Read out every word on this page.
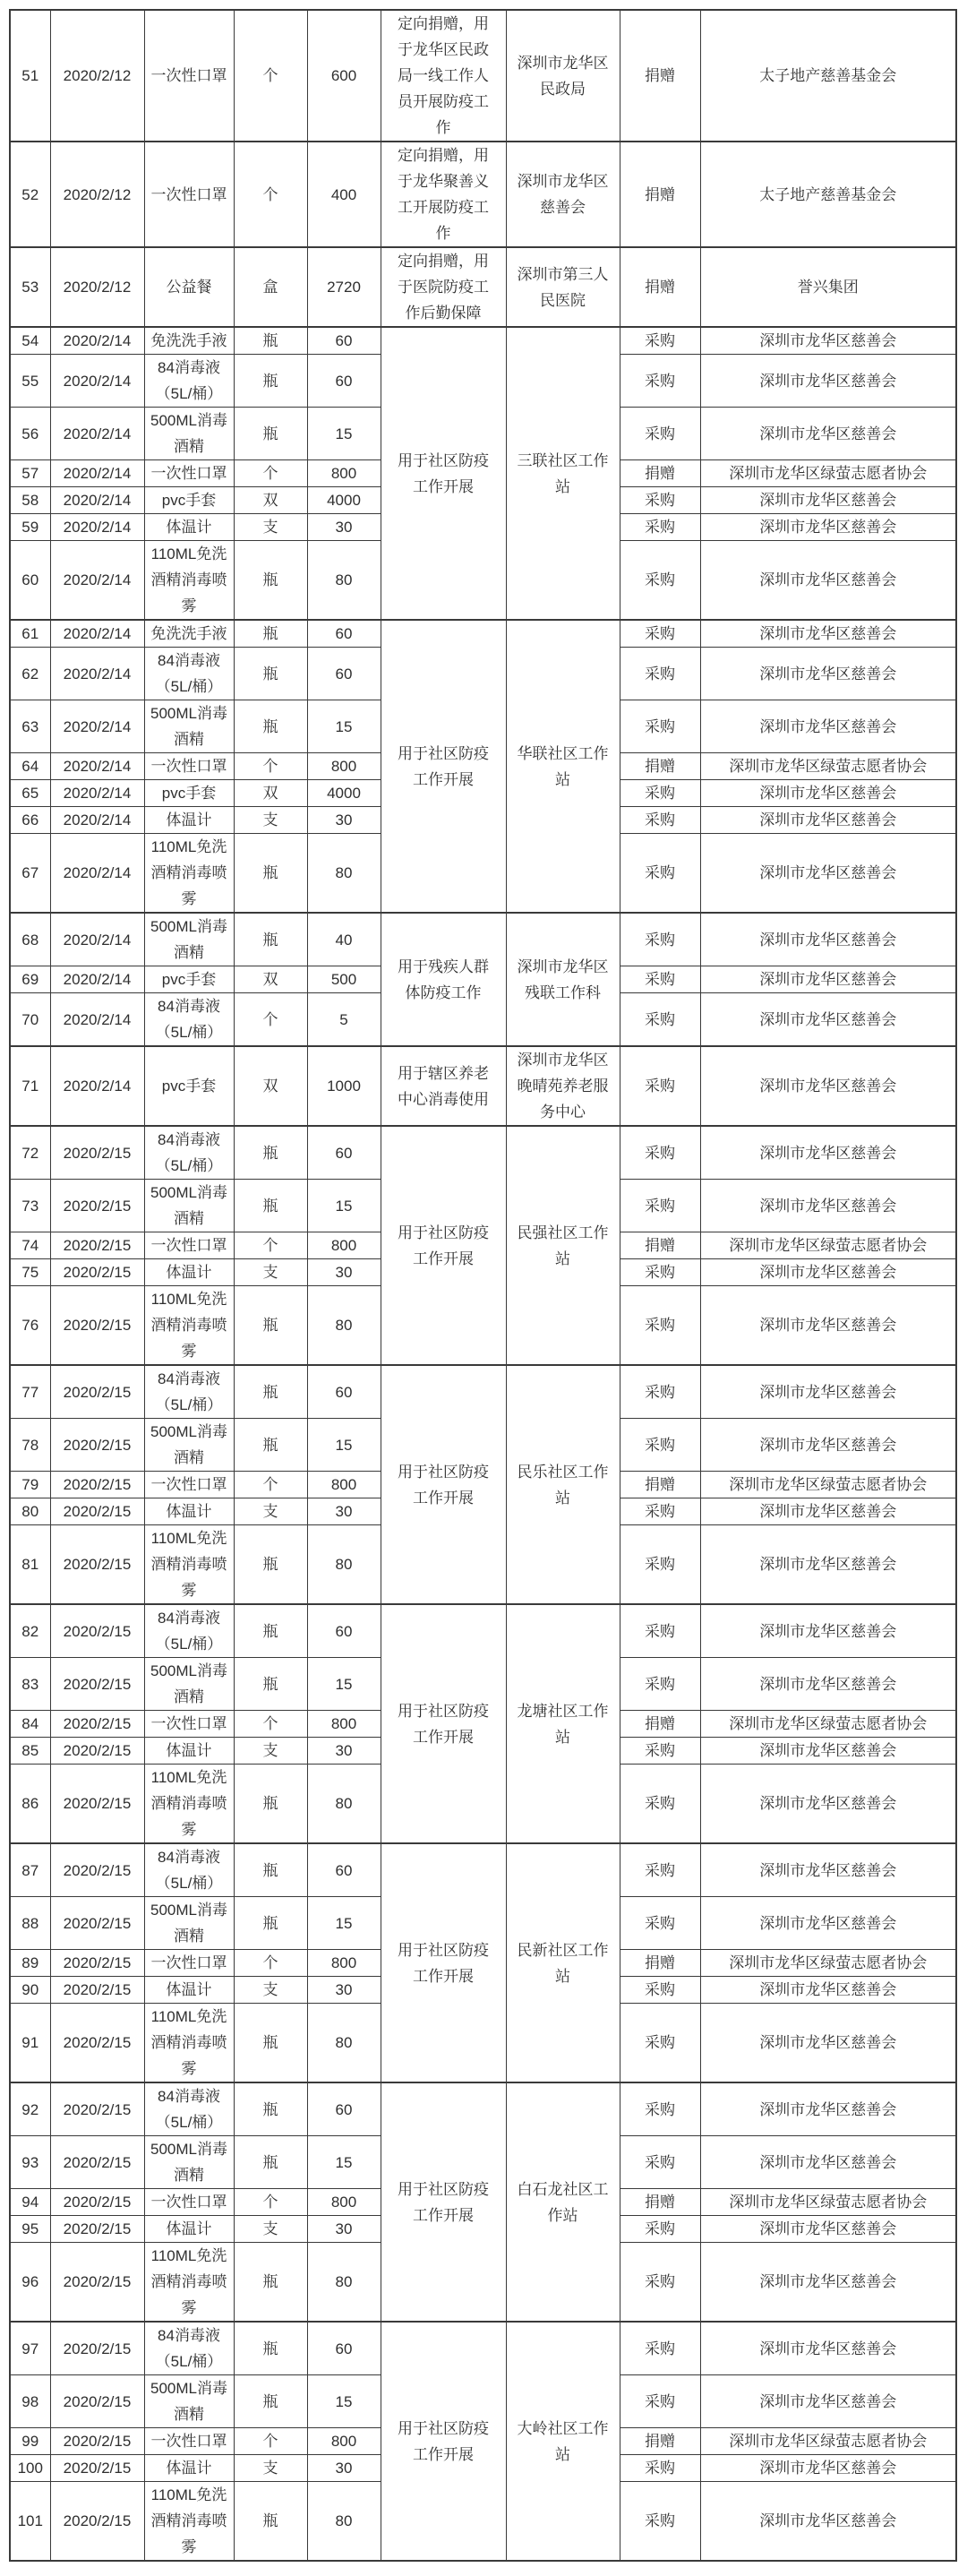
51	2020/2/12	一次性口罩	个	600	定向捐赠，用于龙华区民政局一线工作人员开展防疫工作	深圳市龙华区民政局	捐赠	太子地产慈善基金会
52	2020/2/12	一次性口罩	个	400	定向捐赠，用于龙华聚善义工开展防疫工作	深圳市龙华区慈善会	捐赠	太子地产慈善基金会
53	2020/2/12	公益餐	盒	2720	定向捐赠，用于医院防疫工作后勤保障	深圳市第三人民医院	捐赠	誉兴集团
54	2020/2/14	免洗洗手液	瓶	60	用于社区防疫工作开展	三联社区工作站	采购	深圳市龙华区慈善会
55	2020/2/14	84消毒液（5L/桶）	瓶	60			采购	深圳市龙华区慈善会
56	2020/2/14	500ML消毒酒精	瓶	15			采购	深圳市龙华区慈善会
57	2020/2/14	一次性口罩	个	800			捐赠	深圳市龙华区绿萤志愿者协会
58	2020/2/14	pvc手套	双	4000			采购	深圳市龙华区慈善会
59	2020/2/14	体温计	支	30			采购	深圳市龙华区慈善会
60	2020/2/14	110ML免洗酒精消毒喷雾	瓶	80			采购	深圳市龙华区慈善会
61	2020/2/14	免洗洗手液	瓶	60	用于社区防疫工作开展	华联社区工作站	采购	深圳市龙华区慈善会
62	2020/2/14	84消毒液（5L/桶）	瓶	60			采购	深圳市龙华区慈善会
63	2020/2/14	500ML消毒酒精	瓶	15			采购	深圳市龙华区慈善会
64	2020/2/14	一次性口罩	个	800			捐赠	深圳市龙华区绿萤志愿者协会
65	2020/2/14	pvc手套	双	4000			采购	深圳市龙华区慈善会
66	2020/2/14	体温计	支	30			采购	深圳市龙华区慈善会
67	2020/2/14	110ML免洗酒精消毒喷雾	瓶	80			采购	深圳市龙华区慈善会
68	2020/2/14	500ML消毒酒精	瓶	40	用于残疾人群体防疫工作	深圳市龙华区残联工作科	采购	深圳市龙华区慈善会
69	2020/2/14	pvc手套	双	500			采购	深圳市龙华区慈善会
70	2020/2/14	84消毒液（5L/桶）	个	5			采购	深圳市龙华区慈善会
71	2020/2/14	pvc手套	双	1000	用于辖区养老中心消毒使用	深圳市龙华区晚晴苑养老服务中心	采购	深圳市龙华区慈善会
72	2020/2/15	84消毒液（5L/桶）	瓶	60	用于社区防疫工作开展	民强社区工作站	采购	深圳市龙华区慈善会
73	2020/2/15	500ML消毒酒精	瓶	15			采购	深圳市龙华区慈善会
74	2020/2/15	一次性口罩	个	800			捐赠	深圳市龙华区绿萤志愿者协会
75	2020/2/15	体温计	支	30			采购	深圳市龙华区慈善会
76	2020/2/15	110ML免洗酒精消毒喷雾	瓶	80			采购	深圳市龙华区慈善会
77	2020/2/15	84消毒液（5L/桶）	瓶	60	用于社区防疫工作开展	民乐社区工作站	采购	深圳市龙华区慈善会
78	2020/2/15	500ML消毒酒精	瓶	15			采购	深圳市龙华区慈善会
79	2020/2/15	一次性口罩	个	800			捐赠	深圳市龙华区绿萤志愿者协会
80	2020/2/15	体温计	支	30			采购	深圳市龙华区慈善会
81	2020/2/15	110ML免洗酒精消毒喷雾	瓶	80			采购	深圳市龙华区慈善会
82	2020/2/15	84消毒液（5L/桶）	瓶	60	用于社区防疫工作开展	龙塘社区工作站	采购	深圳市龙华区慈善会
83	2020/2/15	500ML消毒酒精	瓶	15			采购	深圳市龙华区慈善会
84	2020/2/15	一次性口罩	个	800			捐赠	深圳市龙华区绿萤志愿者协会
85	2020/2/15	体温计	支	30			采购	深圳市龙华区慈善会
86	2020/2/15	110ML免洗酒精消毒喷雾	瓶	80			采购	深圳市龙华区慈善会
87	2020/2/15	84消毒液（5L/桶）	瓶	60	用于社区防疫工作开展	民新社区工作站	采购	深圳市龙华区慈善会
88	2020/2/15	500ML消毒酒精	瓶	15			采购	深圳市龙华区慈善会
89	2020/2/15	一次性口罩	个	800			捐赠	深圳市龙华区绿萤志愿者协会
90	2020/2/15	体温计	支	30			采购	深圳市龙华区慈善会
91	2020/2/15	110ML免洗酒精消毒喷雾	瓶	80			采购	深圳市龙华区慈善会
92	2020/2/15	84消毒液（5L/桶）	瓶	60	用于社区防疫工作开展	白石龙社区工作站	采购	深圳市龙华区慈善会
93	2020/2/15	500ML消毒酒精	瓶	15			采购	深圳市龙华区慈善会
94	2020/2/15	一次性口罩	个	800			捐赠	深圳市龙华区绿萤志愿者协会
95	2020/2/15	体温计	支	30			采购	深圳市龙华区慈善会
96	2020/2/15	110ML免洗酒精消毒喷雾	瓶	80			采购	深圳市龙华区慈善会
97	2020/2/15	84消毒液（5L/桶）	瓶	60	用于社区防疫工作开展	大岭社区工作站	采购	深圳市龙华区慈善会
98	2020/2/15	500ML消毒酒精	瓶	15			采购	深圳市龙华区慈善会
99	2020/2/15	一次性口罩	个	800			捐赠	深圳市龙华区绿萤志愿者协会
100	2020/2/15	体温计	支	30			采购	深圳市龙华区慈善会
101	2020/2/15	110ML免洗酒精消毒喷雾	瓶	80			采购	深圳市龙华区慈善会
